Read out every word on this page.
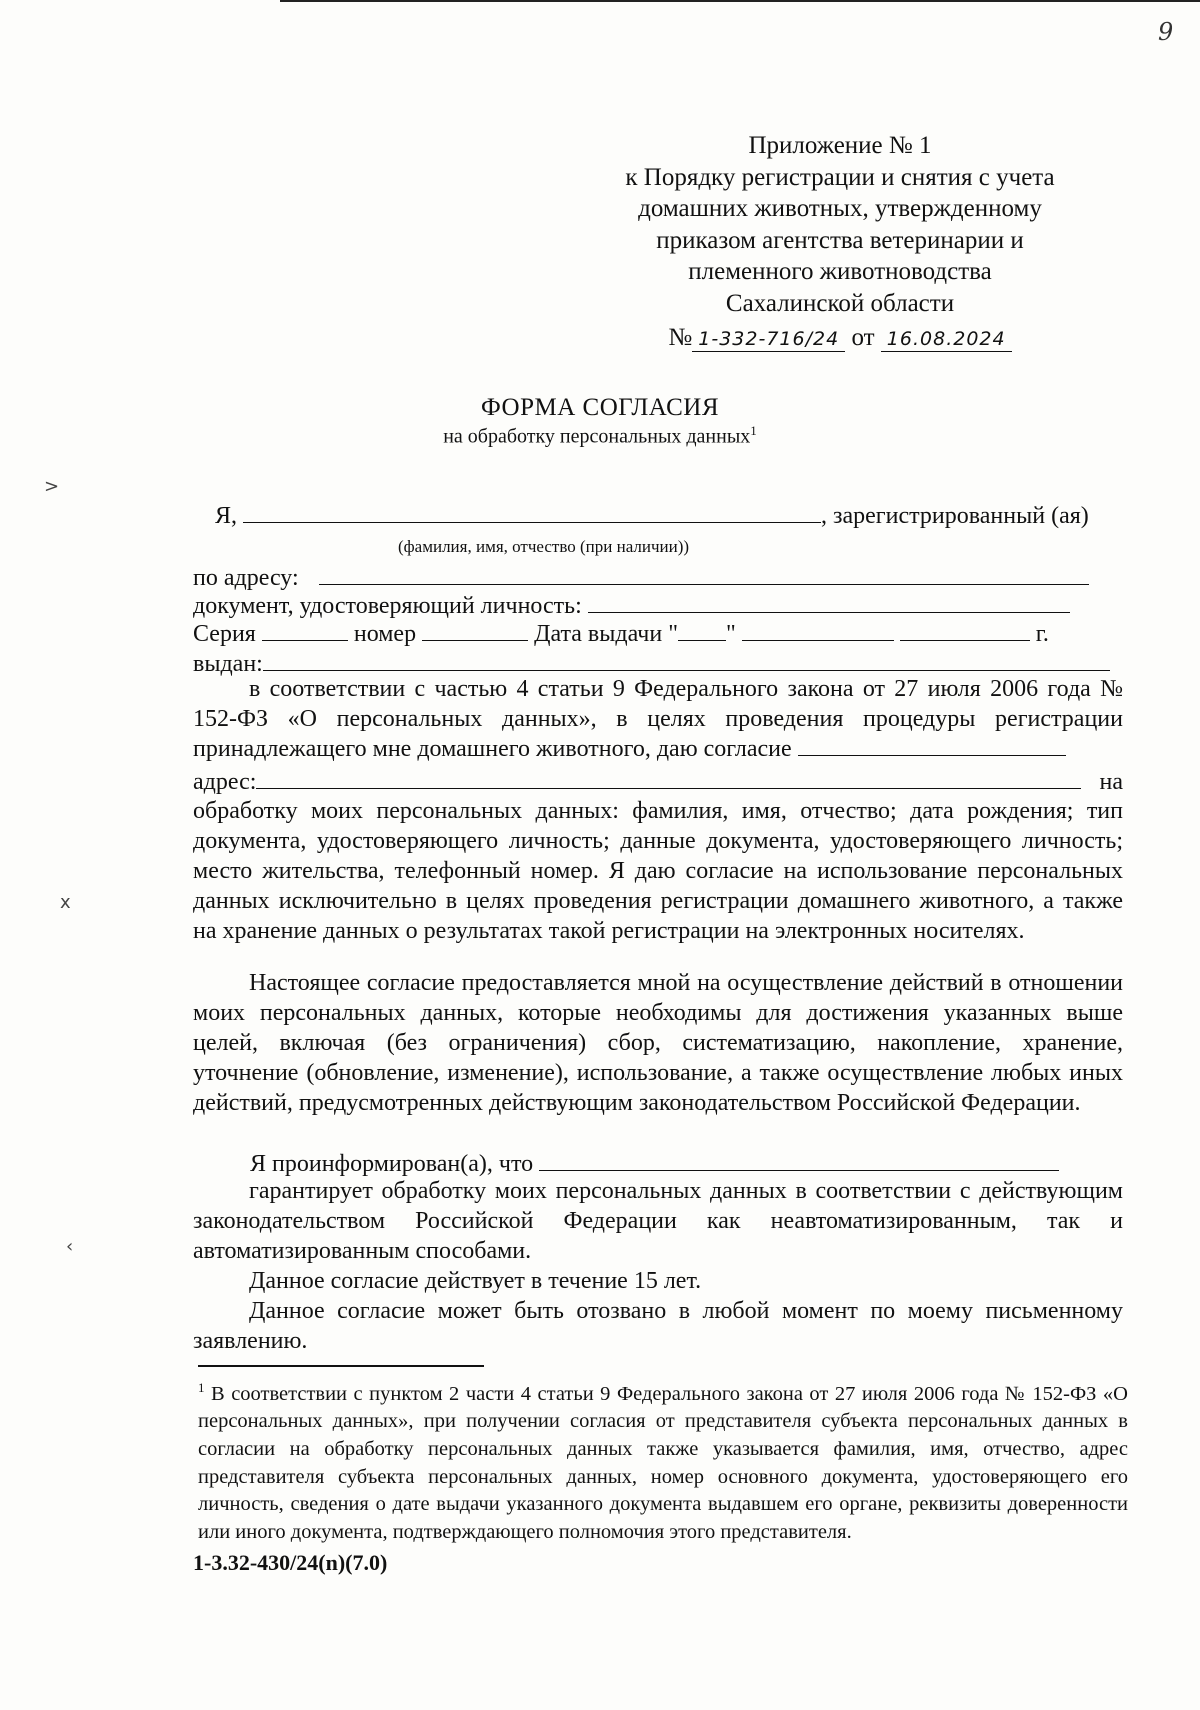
9
Приложение № 1
к Порядку регистрации и снятия с учета
домашних животных, утвержденному
приказом агентства ветеринарии и
племенного животноводства
Сахалинской области
№ 1-332-716/24 от 16.08.2024
ФОРМА СОГЛАСИЯ
на обработку персональных данных$^1$
Я,	, зарегистрированный (ая)
(фамилия, имя, отчество (при наличии))
по адресу:
документ, удостоверяющий личность:
Серия	номер	Дата выдачи " "	г.
выдан:
в соответствии с частью 4 статьи 9 Федерального закона от 27 июля 2006 года № 152-ФЗ «О персональных данных», в целях проведения процедуры регистрации принадлежащего мне домашнего животного, даю согласие
адрес:	на
обработку моих персональных данных: фамилия, имя, отчество; дата рождения; тип документа, удостоверяющего личность; данные документа, удостоверяющего личность; место жительства, телефонный номер. Я даю согласие на использование персональных данных исключительно в целях проведения регистрации домашнего животного, а также на хранение данных о результатах такой регистрации на электронных носителях.
Настоящее согласие предоставляется мной на осуществление действий в отношении моих персональных данных, которые необходимы для достижения указанных выше целей, включая (без ограничения) сбор, систематизацию, накопление, хранение, уточнение (обновление, изменение), использование, а также осуществление любых иных действий, предусмотренных действующим законодательством Российской Федерации.
Я проинформирован(а), что
гарантирует обработку моих персональных данных в соответствии с действующим законодательством Российской Федерации как неавтоматизированным, так и автоматизированным способами.
Данное согласие действует в течение 15 лет.
Данное согласие может быть отозвано в любой момент по моему письменному заявлению.
$^1$ В соответствии с пунктом 2 части 4 статьи 9 Федерального закона от 27 июля 2006 года № 152-ФЗ «О персональных данных», при получении согласия от представителя субъекта персональных данных в согласии на обработку персональных данных также указывается фамилия, имя, отчество, адрес представителя субъекта персональных данных, номер основного документа, удостоверяющего его личность, сведения о дате выдачи указанного документа выдавшем его органе, реквизиты доверенности или иного документа, подтверждающего полномочия этого представителя.
1-3.32-430/24(n)(7.0)
>
x
‹
